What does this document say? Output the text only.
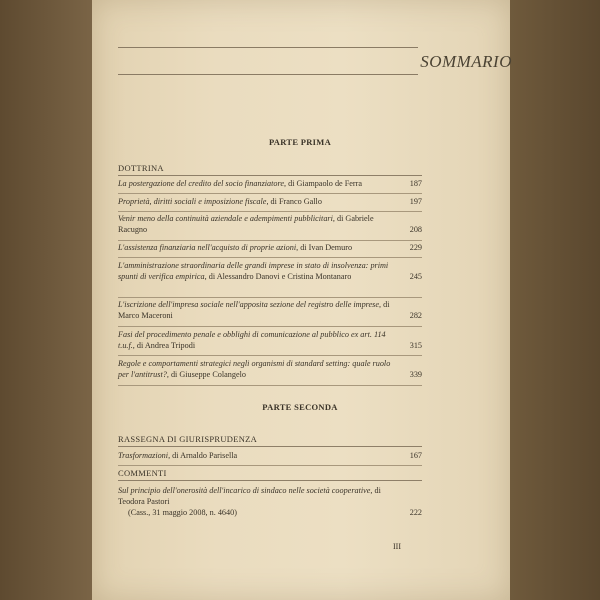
SOMMARIO
PARTE PRIMA
DOTTRINA
La postergazione del credito del socio finanziatore, di Giampaolo de Ferra	187
Proprietà, diritti sociali e imposizione fiscale, di Franco Gallo	197
Venir meno della continuità aziendale e adempimenti pubblicitari, di Gabriele Racugno	208
L'assistenza finanziaria nell'acquisto di proprie azioni, di Ivan Demuro	229
L'amministrazione straordinaria delle grandi imprese in stato di insolvenza: primi spunti di verifica empirica, di Alessandro Danovi e Cristina Montanaro	245
L'iscrizione dell'impresa sociale nell'apposita sezione del registro delle imprese, di Marco Maceroni	282
Fasi del procedimento penale e obblighi di comunicazione al pubblico ex art. 114 t.u.f., di Andrea Tripodi	315
Regole e comportamenti strategici negli organismi di standard setting: quale ruolo per l'antitrust?, di Giuseppe Colangelo	339
PARTE SECONDA
RASSEGNA DI GIURISPRUDENZA
Trasformazioni, di Arnaldo Parisella	167
COMMENTI
Sul principio dell'onerosità dell'incarico di sindaco nelle società cooperative, di Teodora Pastori
(Cass., 31 maggio 2008, n. 4640)	222
III
